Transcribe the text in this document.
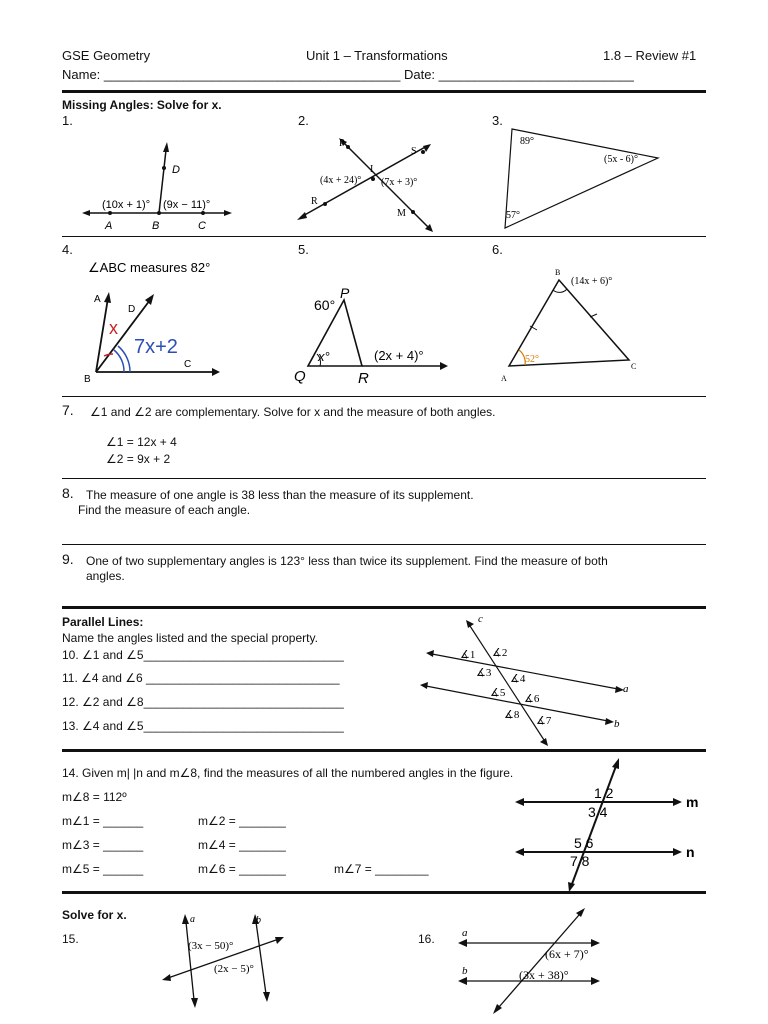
GSE Geometry	Unit 1 – Transformations	1.8 – Review #1
Name: _________________________________________ Date: ___________________________
Missing Angles: Solve for x.
1.	2.	3.
D
(10x + 1)° (9x − 11)°
A	B	C
P
S
I
R
M
(4x + 24)° (7x + 3)°
89°
(5x - 6)°
57°
4.	5.	6.
∠ABC measures 82°
A
D
B
C
x
7x+2
60°
P
x°	(2x + 4)°
Q	R
B
(14x + 6)°
52°
A
C
7. ∠1 and ∠2 are complementary. Solve for x and the measure of both angles.
∠1 = 12x + 4
∠2 = 9x + 2
8. The measure of one angle is 38 less than the measure of its supplement.
Find the measure of each angle.
9. One of two supplementary angles is 123° less than twice its supplement. Find the measure of both
angles.
Parallel Lines:
Name the angles listed and the special property.
10. ∠1 and ∠5______________________________
11. ∠4 and ∠6 _____________________________
12. ∠2 and ∠8______________________________
13. ∠4 and ∠5______________________________
c
a
b
∡1 ∡2
∡3 ∡4
∡5 ∡6
∡8 ∡7
14. Given m| |n and m∠8, find the measures of all the numbered angles in the figure.
m∠8 = 112º
m∠1 = ______	m∠2 = _______
m∠3 = ______	m∠4 = _______
m∠5 = ______	m∠6 = _______	m∠7 = ________
1 2
3 4
5 6
7 8
m
n
Solve for x.
15.	16.
a	b
(3x − 50)°
(2x − 5)°
a
b
(6x + 7)°
(3x + 38)°
